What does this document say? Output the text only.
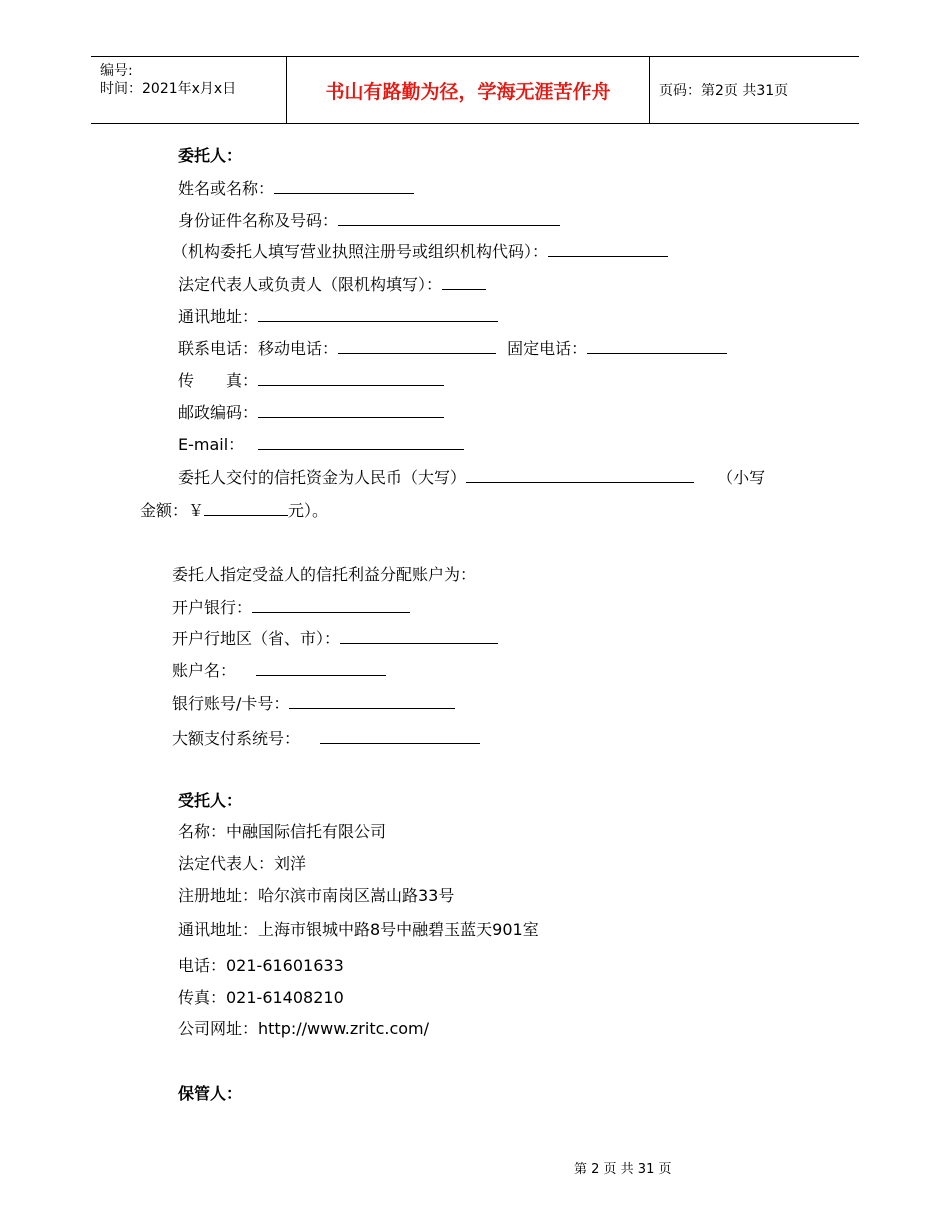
编号:
时间：2021年x月x日	书山有路勤为径，学海无涯苦作舟	页码：第2页 共31页
委托人：
姓名或名称：
身份证件名称及号码：
（机构委托人填写营业执照注册号或组织机构代码）：
法定代表人或负责人（限机构填写）：
通讯地址：
联系电话：移动电话：	固定电话：
传　　真：
邮政编码：
E-mail：
委托人交付的信托资金为人民币（大写）	（小写
金额：￥	元）。
委托人指定受益人的信托利益分配账户为：
开户银行：
开户行地区（省、市）：
账户名：
银行账号/卡号：
大额支付系统号：
受托人：
名称：中融国际信托有限公司
法定代表人：刘洋
注册地址：哈尔滨市南岗区嵩山路33号
通讯地址：上海市银城中路8号中融碧玉蓝天901室
电话：021-61601633
传真：021-61408210
公司网址：http://www.zritc.com/
保管人：
第 2 页 共 31 页
